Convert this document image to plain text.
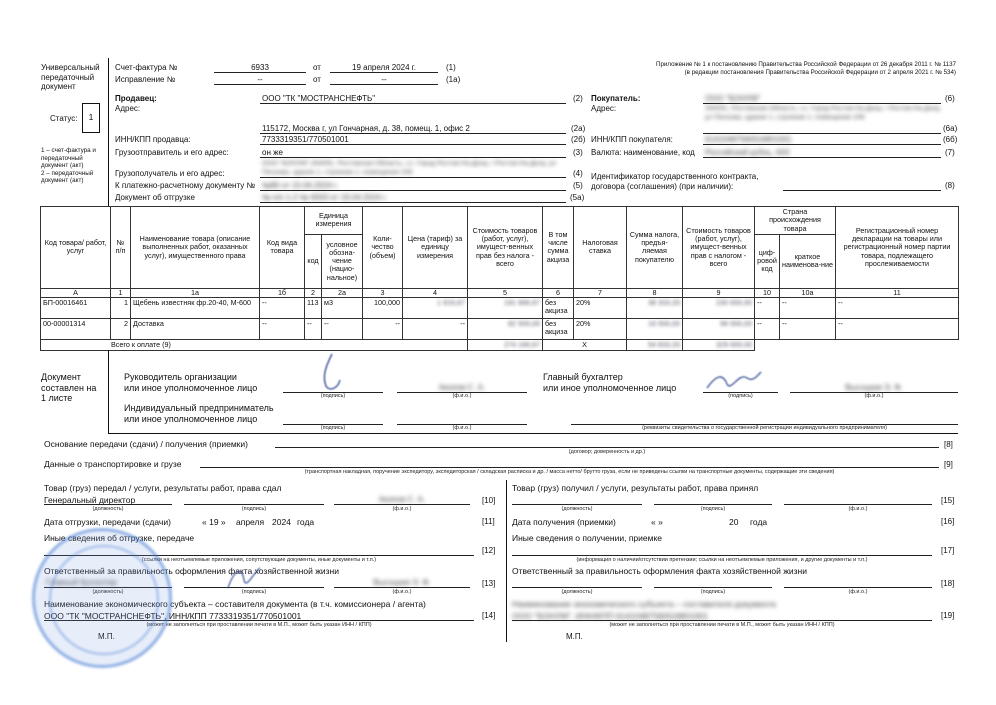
Универсальный
передаточный
документ
Статус:	1
1 – счет-фактура и
передаточный
документ (акт)
2 – передаточный
документ (акт)
Счет-фактура №	6933	от	19 апреля 2024 г.	(1)
Исправление №	--	от	--	(1а)
Приложение № 1 к постановлению Правительства Российской Федерации от 26 декабря 2011 г. № 1137
(в редакции постановления Правительства Российской Федерации от 2 апреля 2021 г. № 534)
Продавец:	ООО "ТК "МОСТРАНСНЕФТЬ"	(2)
Адрес:
115172, Москва г, ул Гончарная, д. 38, помещ. 1, офис 2	(2а)
ИНН/КПП продавца:	7733319351/770501001	(2б)
Грузоотправитель и его адрес:	он же	(3)
Грузополучатель и его адрес:
ООО "БОНУМ",344091, Ростовская Область, г.о. Город Ростов-На-Дону, г Ростов-На-Дону, ул Песнова, здание 1, строение 1, помещение 206	(4)
К платежно-расчетному документу № №80 от 15.04.2024 г.	(5)
Документ об отгрузке	№ п/п 1-2 № 6933 от 19.04.2024 г.	(5а)
Покупатель:	ООО "БОНУМ"	(6)
Адрес:	344091, Ростовская Область, г.о. Город Ростов-На-Дону, г Ростов-На-Дону, ул Песнова, здание 1, строение 1, помещение 206
(6а)
ИНН/КПП покупателя:	6141048758/616801001	(6б)
Валюта: наименование, код Российский рубль, 643	(7)
Идентификатор государственного контракта,
договора (соглашения) (при наличии):	(8)
Код товара/ работ, услуг	№ п/п	Наименование товара (описание выполненных работ, оказанных услуг), имущественного права	Код вида товара	Единица измерения		Коли-чество (объем)	Цена (тариф) за единицу измерения	Стоимость товаров (работ, услуг), имущест-венных прав без налога - всего	В том числе сумма акциза	Налоговая ставка	Сумма налога, предъя-ляемая покупателю	Стоимость товаров (работ, услуг), имущест-венных прав с налогом - всего	Страна происхождения товара		Регистрационный номер декларации на товары или регистрационный номер партии товара, подлежащего прослеживаемости
				код	условное обозна-чение (нацио-нальное)								циф-ровой код	краткое наименова-ние	
А	1	1а	1б	2	2а	3	4	5	6	7	8	9	10	10а	11
БП-00016461	1	Щебень известняк фр.20-40, М-600	--	113	м3	100,000	1 916,67	191 666,67	без акциза	20%	38 333,33	230 000,00	--	--	--
00-00001314	2	Доставка	--	--	--	--	--	82 500,00	без акциза	20%	16 500,00	99 000,00	--	--	--
Всего к оплате (9)								274 166,67	X		54 833,33	329 000,00			
Документ
составлен на
1 листе
Руководитель организации
или иное уполномоченное лицо	Акопов С. А.
(подпись)	(ф.и.о.)
Главный бухгалтер
или иное уполномоченное лицо	Высоцкая Э. Ф.
(подпись)	(ф.и.о.)
Индивидуальный предприниматель
или иное уполномоченное лицо
(подпись)	(ф.и.о.)	(реквизиты свидетельства о государственной регистрации индивидуального предпринимателя)
Основание передачи (сдачи) / получения (приемки)	[8]
(договор; доверенность и др.)
Данные о транспортировке и грузе	[9]
(транспортная накладная, поручение экспедитору, экспедиторская / складская расписка и др. / масса нетто/ брутто груза, если не приведены ссылки на транспортные документы, содержащие эти сведения)
Товар (груз) передал / услуги, результаты работ, права сдал
Генеральный директор	Акопов С. А.	[10]
(должность)	(подпись)	(ф.и.о.)
Дата отгрузки, передачи (сдачи)	« 19 » апреля 2024 года	[11]
Иные сведения об отгрузке, передаче
[12]
(ссылки на неотъемлемые приложения, сопутствующие документы, иные документы и т.п.)
Ответственный за правильность оформления факта хозяйственной жизни
Главный бухгалтер	Высоцкая Э. Ф.	[13]
(должность)	(подпись)	(ф.и.о.)
Наименование экономического субъекта – составителя документа (в т.ч. комиссионера / агента)
ООО "ТК "МОСТРАНСНЕФТЬ", ИНН/КПП 7733319351/770501001	[14]
(может не заполняться при проставлении печати в М.П., может быть указан ИНН / КПП)
М.П.
Товар (груз) получил / услуги, результаты работ, права принял
[15]
(должность)	(подпись)	(ф.и.о.)
Дата получения (приемки)	« »	20 года	[16]
Иные сведения о получении, приемке
[17]
(информация о наличии/отсутствии претензии; ссылки на неотъемлемые приложения, и другие документы и т.п.)
Ответственный за правильность оформления факта хозяйственной жизни
[18]
(должность)	(подпись)	(ф.и.о.)
Наименование экономического субъекта – составителя документа
ООО "БОНУМ", ИНН/КПП 6141048758/616801001	[19]
(может не заполняться при проставлении печати в М.П., может быть указан ИНН / КПП)
М.П.
